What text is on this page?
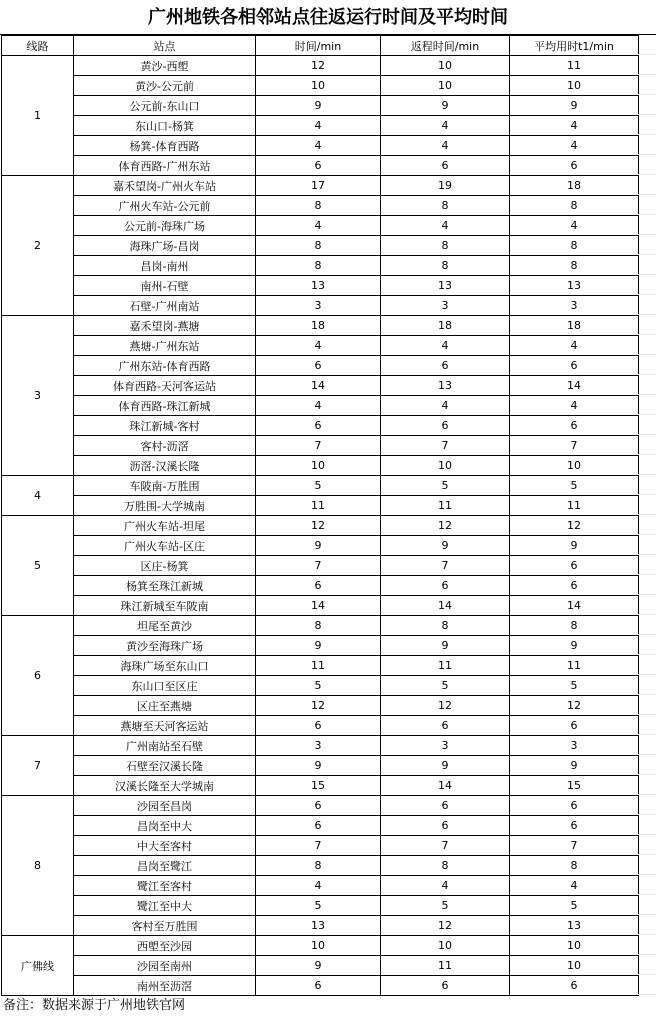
广州地铁各相邻站点往返运行时间及平均时间
线路	站点	时间/min	返程时间/min	平均用时t1/min
1	黄沙-西塱	12	10	11
	黄沙-公元前	10	10	10
	公元前-东山口	9	9	9
	东山口-杨箕	4	4	4
	杨箕-体育西路	4	4	4
	体育西路-广州东站	6	6	6
2	嘉禾望岗-广州火车站	17	19	18
	广州火车站-公元前	8	8	8
	公元前-海珠广场	4	4	4
	海珠广场-昌岗	8	8	8
	昌岗-南州	8	8	8
	南州-石壁	13	13	13
	石壁-广州南站	3	3	3
3	嘉禾望岗-燕塘	18	18	18
	燕塘-广州东站	4	4	4
	广州东站-体育西路	6	6	6
	体育西路-天河客运站	14	13	14
	体育西路-珠江新城	4	4	4
	珠江新城-客村	6	6	6
	客村-沥滘	7	7	7
	沥滘-汉溪长隆	10	10	10
4	车陂南-万胜围	5	5	5
	万胜围-大学城南	11	11	11
5	广州火车站-坦尾	12	12	12
	广州火车站-区庄	9	9	9
	区庄-杨箕	7	7	6
	杨箕至珠江新城	6	6	6
	珠江新城至车陂南	14	14	14
6	坦尾至黄沙	8	8	8
	黄沙至海珠广场	9	9	9
	海珠广场至东山口	11	11	11
	东山口至区庄	5	5	5
	区庄至燕塘	12	12	12
	燕塘至天河客运站	6	6	6
7	广州南站至石壁	3	3	3
	石壁至汉溪长隆	9	9	9
	汉溪长隆至大学城南	15	14	15
8	沙园至昌岗	6	6	6
	昌岗至中大	6	6	6
	中大至客村	7	7	7
	昌岗至鹭江	8	8	8
	鹭江至客村	4	4	4
	鹭江至中大	5	5	5
	客村至万胜围	13	12	13
广佛线	西塱至沙园	10	10	10
	沙园至南州	9	11	10
	南州至沥滘	6	6	6
备注：数据来源于广州地铁官网
